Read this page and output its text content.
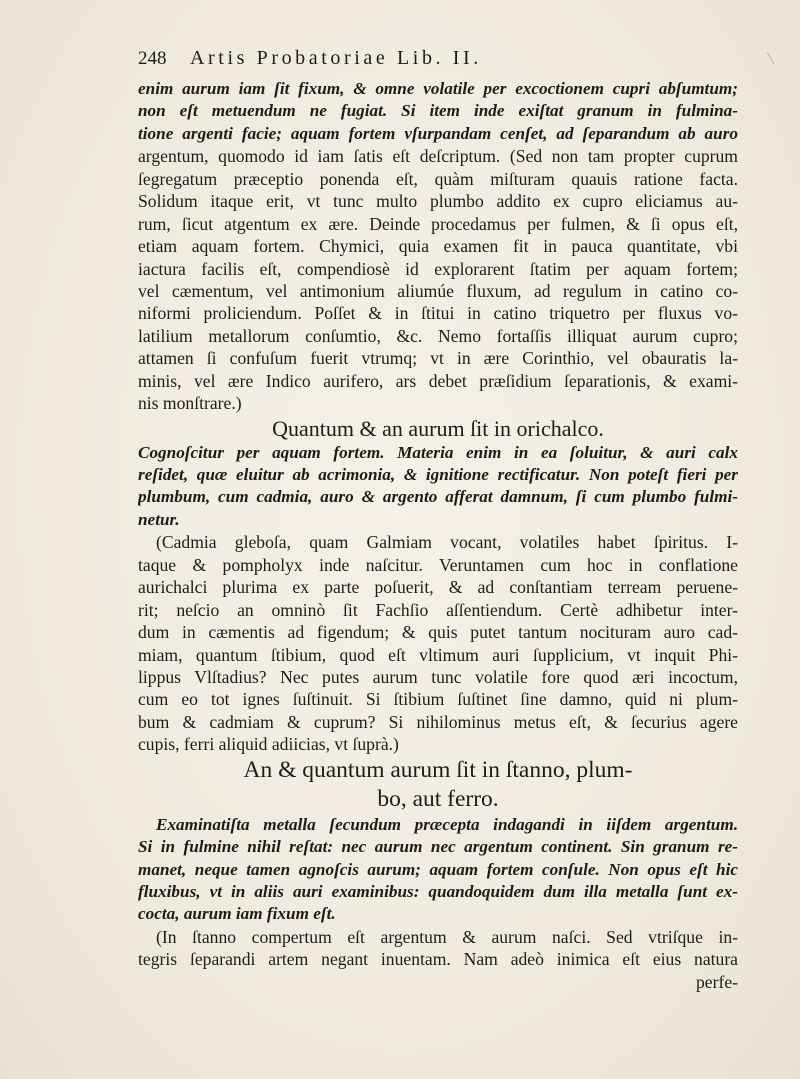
248 Artis Probatoriae Lib. II.
enim aurum iam ſit fixum, & omne volatile per excoctionem cupri abſumtum;
non eſt metuendum ne fugiat. Si item inde exiſtat granum in fulmina-
tione argenti facie; aquam fortem vſurpandam cenſet, ad ſeparandum ab auro
argentum, quomodo id iam ſatis eſt deſcriptum. (Sed non tam propter cuprum
ſegregatum præceptio ponenda eſt, quàm miſturam quauis ratione facta.
Solidum itaque erit, vt tunc multo plumbo addito ex cupro eliciamus au-
rum, ſicut atgentum ex ære. Deinde procedamus per fulmen, & ſi opus eſt,
etiam aquam fortem. Chymici, quia examen fit in pauca quantitate, vbi
iactura facilis eſt, compendiosè id explorarent ſtatim per aquam fortem;
vel cæmentum, vel antimonium aliumúe fluxum, ad regulum in catino co-
niformi proliciendum. Poſſet & in ſtitui in catino triquetro per fluxus vo-
latilium metallorum conſumtio, &c. Nemo fortaſſis illiquat aurum cupro;
attamen ſi confuſum fuerit vtrumq; vt in ære Corinthio, vel obauratis la-
minis, vel ære Indico aurifero, ars debet præſidium ſeparationis, & exami-
nis monſtrare.)
Quantum & an aurum ſit in orichalco.
Cognoſcitur per aquam fortem. Materia enim in ea ſoluitur, & auri calx
reſidet, quæ eluitur ab acrimonia, & ignitione rectificatur. Non poteſt fieri per
plumbum, cum cadmia, auro & argento afferat damnum, ſi cum plumbo fulmi-
netur.
(Cadmia gleboſa, quam Galmiam vocant, volatiles habet ſpiritus. I-
taque & pompholyx inde naſcitur. Veruntamen cum hoc in conflatione
aurichalci plurima ex parte poſuerit, & ad conſtantiam terream peruene-
rit; neſcio an omninò ſit Fachſio aſſentiendum. Certè adhibetur inter-
dum in cæmentis ad figendum; & quis putet tantum nocituram auro cad-
miam, quantum ſtibium, quod eſt vltimum auri ſupplicium, vt inquit Phi-
lippus Vlſtadius? Nec putes aurum tunc volatile fore quod æri incoctum,
cum eo tot ignes ſuſtinuit. Si ſtibium ſuſtinet ſine damno, quid ni plum-
bum & cadmiam & cuprum? Si nihilominus metus eſt, & ſecurius agere
cupis, ferri aliquid adiicias, vt ſuprà.)
An & quantum aurum ſit in ſtanno, plum-
bo, aut ferro.
Examinatiſta metalla ſecundum præcepta indagandi in iiſdem argentum.
Si in fulmine nihil reſtat: nec aurum nec argentum continent. Sin granum re-
manet, neque tamen agnoſcis aurum; aquam fortem conſule. Non opus eſt hic
fluxibus, vt in aliis auri examinibus: quandoquidem dum illa metalla ſunt ex-
cocta, aurum iam fixum eſt.
(In ſtanno compertum eſt argentum & aurum naſci. Sed vtriſque in-
tegris ſeparandi artem negant inuentam. Nam adeò inimica eſt eius natura
perfe-
